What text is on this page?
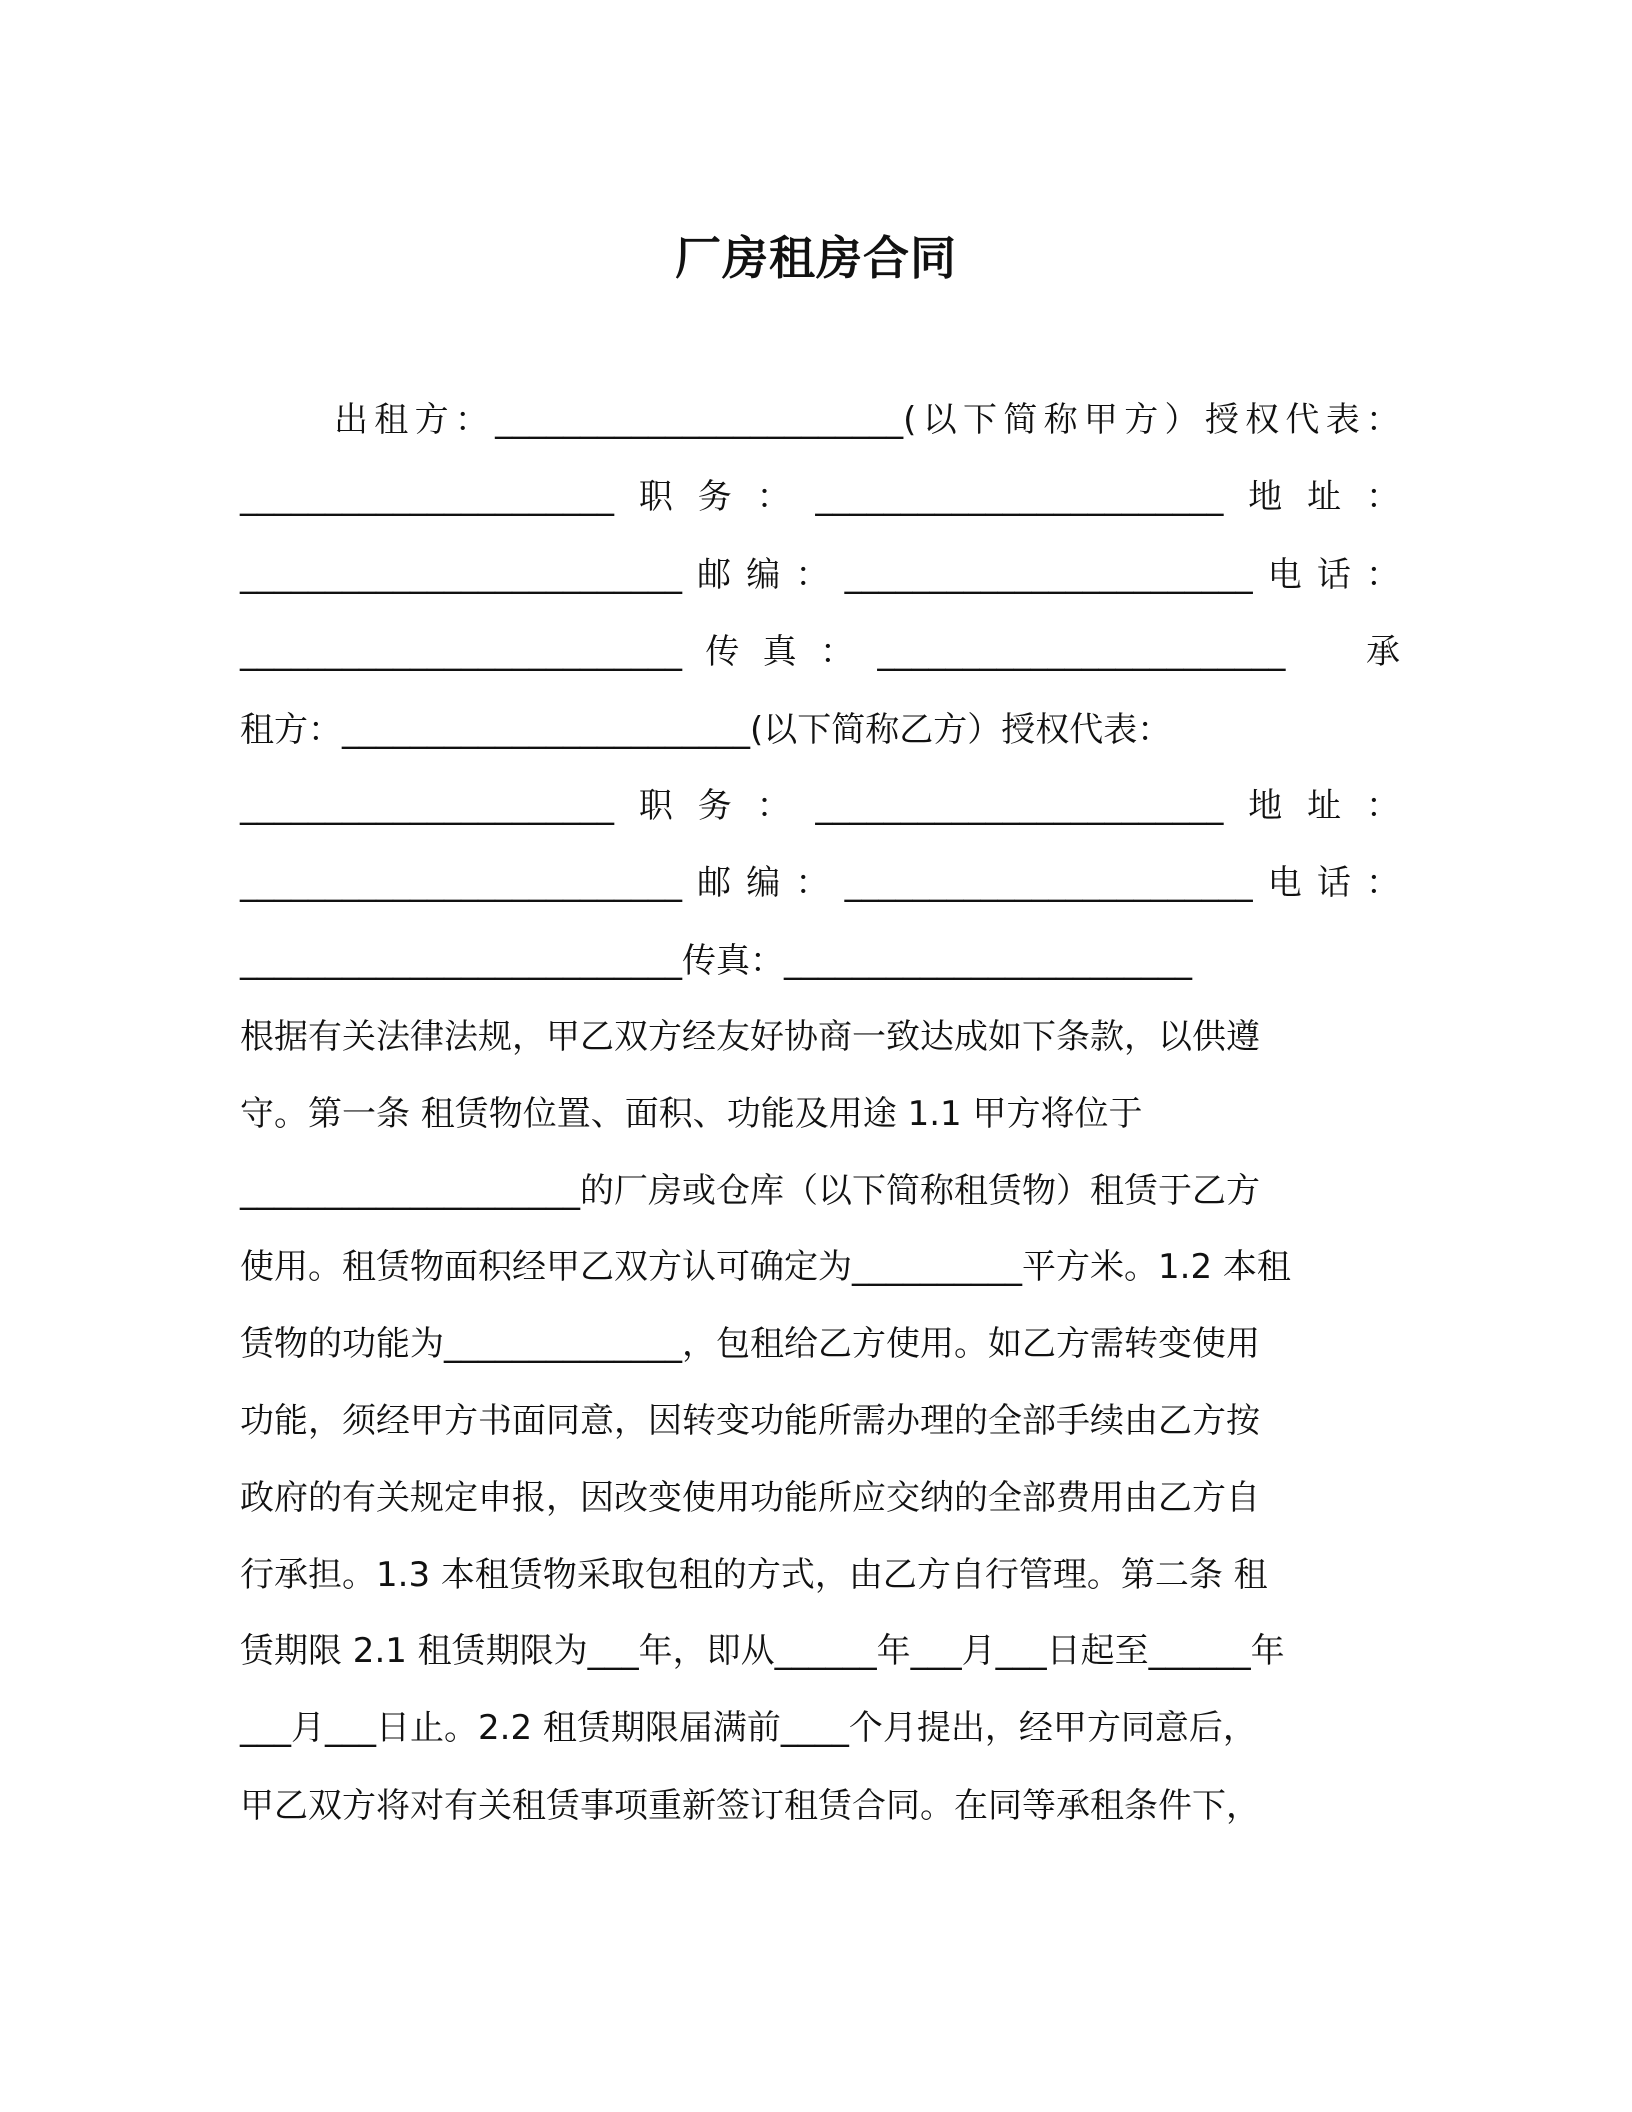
厂房租房合同
出租方：________________________(以下简称甲方）授权代表：
______________________职务：________________________地址：
__________________________邮编：________________________电话：
__________________________传真：________________________　承
租方：________________________(以下简称乙方）授权代表：
______________________职务：________________________地址：
__________________________邮编：________________________电话：
__________________________传真：________________________
根据有关法律法规，甲乙双方经友好协商一致达成如下条款，以供遵
守。第一条 租赁物位置、面积、功能及用途 1.1 甲方将位于
____________________的厂房或仓库（以下简称租赁物）租赁于乙方
使用。租赁物面积经甲乙双方认可确定为__________平方米。1.2 本租
赁物的功能为______________，包租给乙方使用。如乙方需转变使用
功能，须经甲方书面同意，因转变功能所需办理的全部手续由乙方按
政府的有关规定申报，因改变使用功能所应交纳的全部费用由乙方自
行承担。1.3 本租赁物采取包租的方式，由乙方自行管理。第二条 租
赁期限 2.1 租赁期限为___年，即从______年___月___日起至______年
___月___日止。2.2 租赁期限届满前____个月提出，经甲方同意后，
甲乙双方将对有关租赁事项重新签订租赁合同。在同等承租条件下，
